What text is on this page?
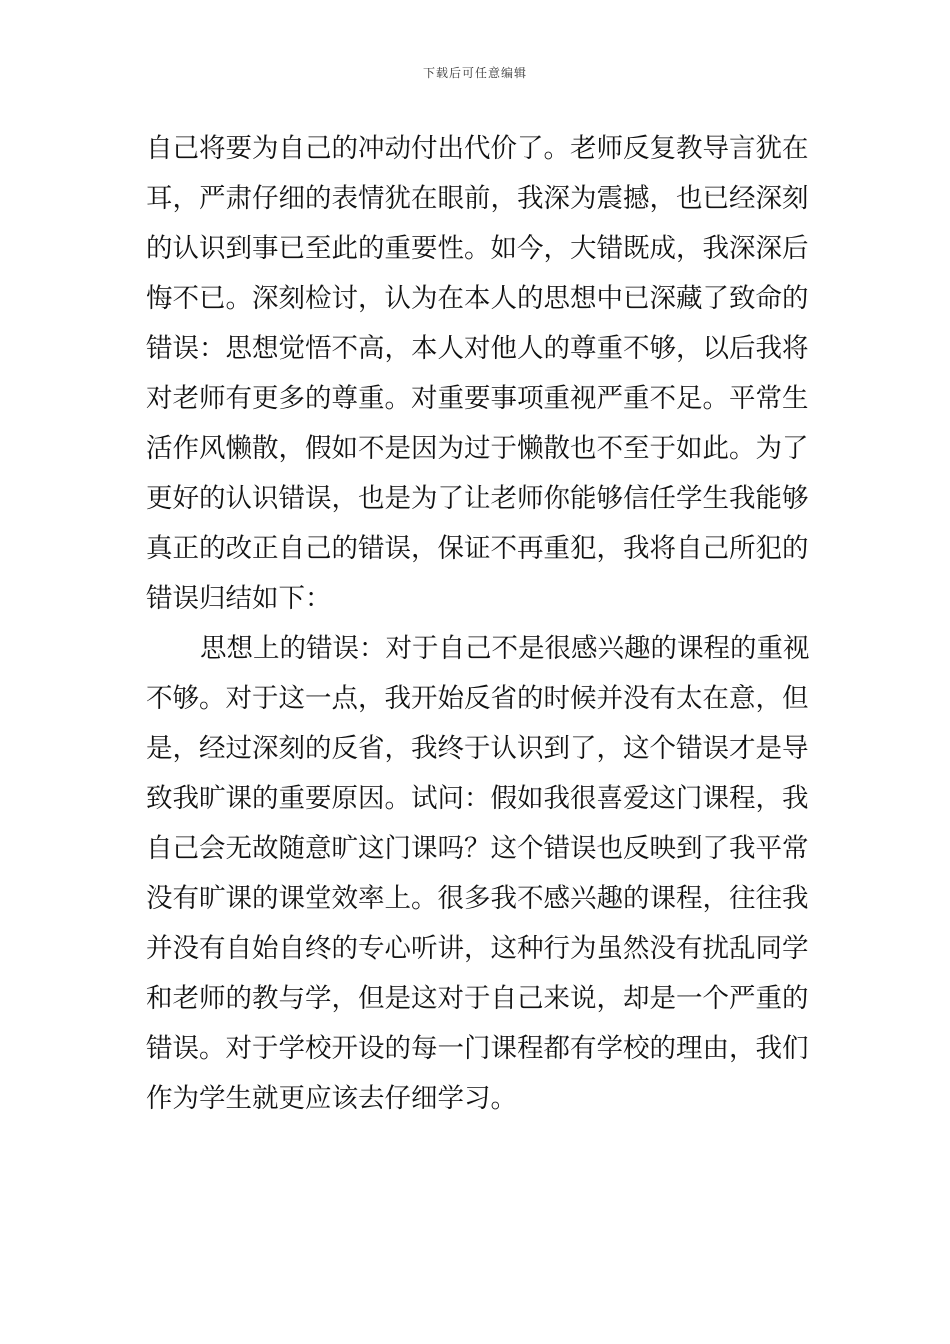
下载后可任意编辑
自己将要为自己的冲动付出代价了。老师反复教导言犹在
耳，严肃仔细的表情犹在眼前，我深为震撼，也已经深刻
的认识到事已至此的重要性。如今，大错既成，我深深后
悔不已。深刻检讨，认为在本人的思想中已深藏了致命的
错误：思想觉悟不高，本人对他人的尊重不够，以后我将
对老师有更多的尊重。对重要事项重视严重不足。平常生
活作风懒散，假如不是因为过于懒散也不至于如此。为了
更好的认识错误，也是为了让老师你能够信任学生我能够
真正的改正自己的错误，保证不再重犯，我将自己所犯的
错误归结如下：
思想上的错误：对于自己不是很感兴趣的课程的重视
不够。对于这一点，我开始反省的时候并没有太在意，但
是，经过深刻的反省，我终于认识到了，这个错误才是导
致我旷课的重要原因。试问：假如我很喜爱这门课程，我
自己会无故随意旷这门课吗？这个错误也反映到了我平常
没有旷课的课堂效率上。很多我不感兴趣的课程，往往我
并没有自始自终的专心听讲，这种行为虽然没有扰乱同学
和老师的教与学，但是这对于自己来说，却是一个严重的
错误。对于学校开设的每一门课程都有学校的理由，我们
作为学生就更应该去仔细学习。
